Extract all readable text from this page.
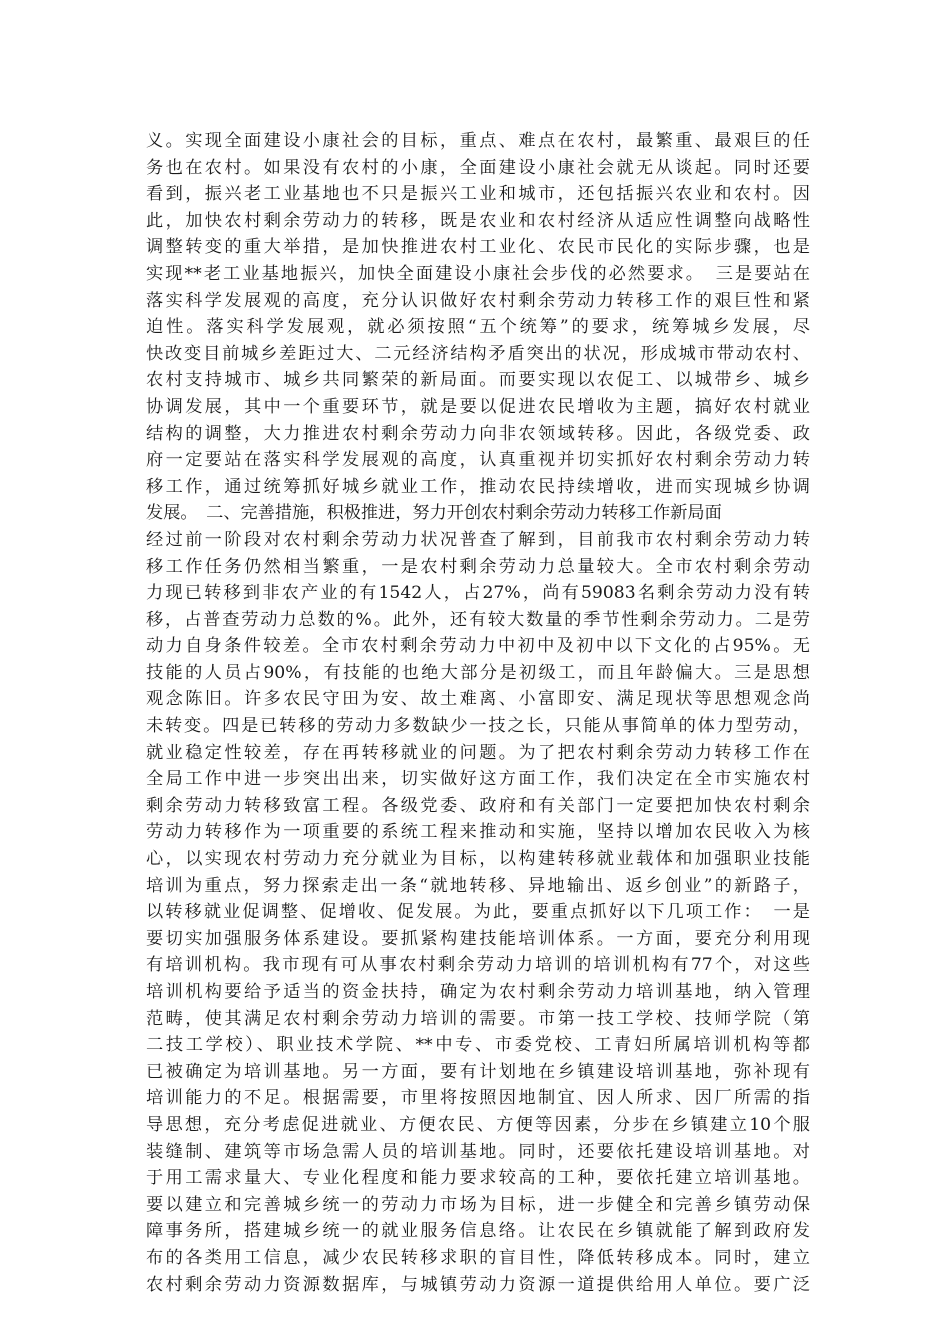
义。实现全面建设小康社会的目标，重点、难点在农村，最繁重、最艰巨的任
务也在农村。如果没有农村的小康，全面建设小康社会就无从谈起。同时还要
看到，振兴老工业基地也不只是振兴工业和城市，还包括振兴农业和农村。因
此，加快农村剩余劳动力的转移，既是农业和农村经济从适应性调整向战略性
调整转变的重大举措，是加快推进农村工业化、农民市民化的实际步骤，也是
实现**老工业基地振兴，加快全面建设小康社会步伐的必然要求。　三是要站在
落实科学发展观的高度，充分认识做好农村剩余劳动力转移工作的艰巨性和紧
迫性。落实科学发展观，就必须按照“五个统筹”的要求，统筹城乡发展，尽
快改变目前城乡差距过大、二元经济结构矛盾突出的状况，形成城市带动农村、
农村支持城市、城乡共同繁荣的新局面。而要实现以农促工、以城带乡、城乡
协调发展，其中一个重要环节，就是要以促进农民增收为主题，搞好农村就业
结构的调整，大力推进农村剩余劳动力向非农领域转移。因此，各级党委、政
府一定要站在落实科学发展观的高度，认真重视并切实抓好农村剩余劳动力转
移工作，通过统筹抓好城乡就业工作，推动农民持续增收，进而实现城乡协调
发展。　二、完善措施，积极推进，努力开创农村剩余劳动力转移工作新局面
经过前一阶段对农村剩余劳动力状况普查了解到，目前我市农村剩余劳动力转
移工作任务仍然相当繁重，一是农村剩余劳动力总量较大。全市农村剩余劳动
力现已转移到非农产业的有1542人，占27%，尚有59083名剩余劳动力没有转
移，占普查劳动力总数的%。此外，还有较大数量的季节性剩余劳动力。二是劳
动力自身条件较差。全市农村剩余劳动力中初中及初中以下文化的占95%。无
技能的人员占90%，有技能的也绝大部分是初级工，而且年龄偏大。三是思想
观念陈旧。许多农民守田为安、故土难离、小富即安、满足现状等思想观念尚
未转变。四是已转移的劳动力多数缺少一技之长，只能从事简单的体力型劳动，
就业稳定性较差，存在再转移就业的问题。为了把农村剩余劳动力转移工作在
全局工作中进一步突出出来，切实做好这方面工作，我们决定在全市实施农村
剩余劳动力转移致富工程。各级党委、政府和有关部门一定要把加快农村剩余
劳动力转移作为一项重要的系统工程来推动和实施，坚持以增加农民收入为核
心，以实现农村劳动力充分就业为目标，以构建转移就业载体和加强职业技能
培训为重点，努力探索走出一条“就地转移、异地输出、返乡创业”的新路子，
以转移就业促调整、促增收、促发展。为此，要重点抓好以下几项工作：　一是
要切实加强服务体系建设。要抓紧构建技能培训体系。一方面，要充分利用现
有培训机构。我市现有可从事农村剩余劳动力培训的培训机构有77个，对这些
培训机构要给予适当的资金扶持，确定为农村剩余劳动力培训基地，纳入管理
范畴，使其满足农村剩余劳动力培训的需要。市第一技工学校、技师学院（第
二技工学校）、职业技术学院、**中专、市委党校、工青妇所属培训机构等都
已被确定为培训基地。另一方面，要有计划地在乡镇建设培训基地，弥补现有
培训能力的不足。根据需要，市里将按照因地制宜、因人所求、因厂所需的指
导思想，充分考虑促进就业、方便农民、方便等因素，分步在乡镇建立10个服
装缝制、建筑等市场急需人员的培训基地。同时，还要依托建设培训基地。对
于用工需求量大、专业化程度和能力要求较高的工种，要依托建立培训基地。
要以建立和完善城乡统一的劳动力市场为目标，进一步健全和完善乡镇劳动保
障事务所，搭建城乡统一的就业服务信息络。让农民在乡镇就能了解到政府发
布的各类用工信息，减少农民转移求职的盲目性，降低转移成本。同时，建立
农村剩余劳动力资源数据库，与城镇劳动力资源一道提供给用人单位。要广泛
